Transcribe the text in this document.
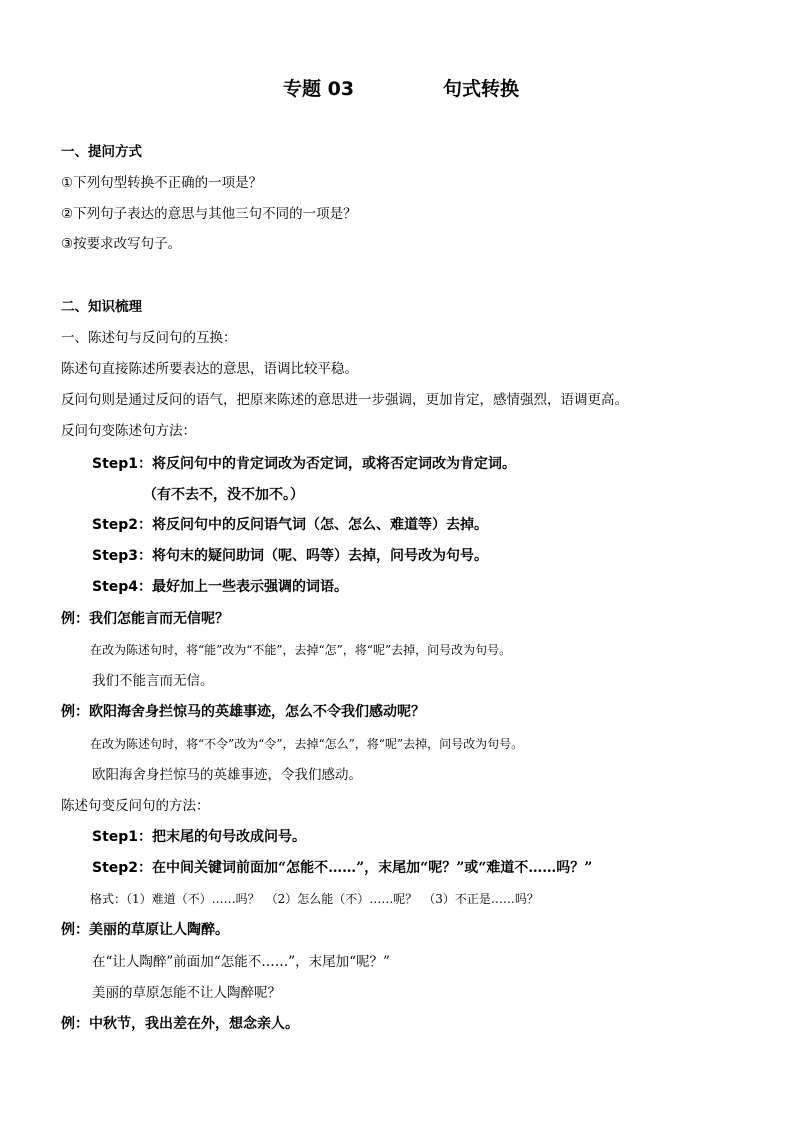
专题 03	句式转换
一、提问方式
①下列句型转换不正确的一项是？
②下列句子表达的意思与其他三句不同的一项是？
③按要求改写句子。
二、知识梳理
一、陈述句与反问句的互换：
陈述句直接陈述所要表达的意思，语调比较平稳。
反问句则是通过反问的语气，把原来陈述的意思进一步强调，更加肯定，感情强烈，语调更高。
反问句变陈述句方法：
Step1：将反问句中的肯定词改为否定词，或将否定词改为肯定词。
（有不去不，没不加不。）
Step2：将反问句中的反问语气词（怎、怎么、难道等）去掉。
Step3：将句末的疑问助词（呢、吗等）去掉，问号改为句号。
Step4：最好加上一些表示强调的词语。
例：我们怎能言而无信呢？
在改为陈述句时，将“能”改为“不能”，去掉“怎”，将“呢”去掉，问号改为句号。
我们不能言而无信。
例：欧阳海舍身拦惊马的英雄事迹，怎么不令我们感动呢？
在改为陈述句时，将“不令”改为“令”，去掉“怎么”，将“呢”去掉，问号改为句号。
欧阳海舍身拦惊马的英雄事迹，令我们感动。
陈述句变反问句的方法：
Step1：把末尾的句号改成问号。
Step2：在中间关键词前面加“怎能不……”，末尾加“呢？”或“难道不……吗？”
格式：（1）难道（不）……吗？　（2）怎么能（不）……呢？　（3）不正是……吗？
例：美丽的草原让人陶醉。
在“让人陶醉”前面加“怎能不……”，末尾加“呢？”
美丽的草原怎能不让人陶醉呢？
例：中秋节，我出差在外，想念亲人。
